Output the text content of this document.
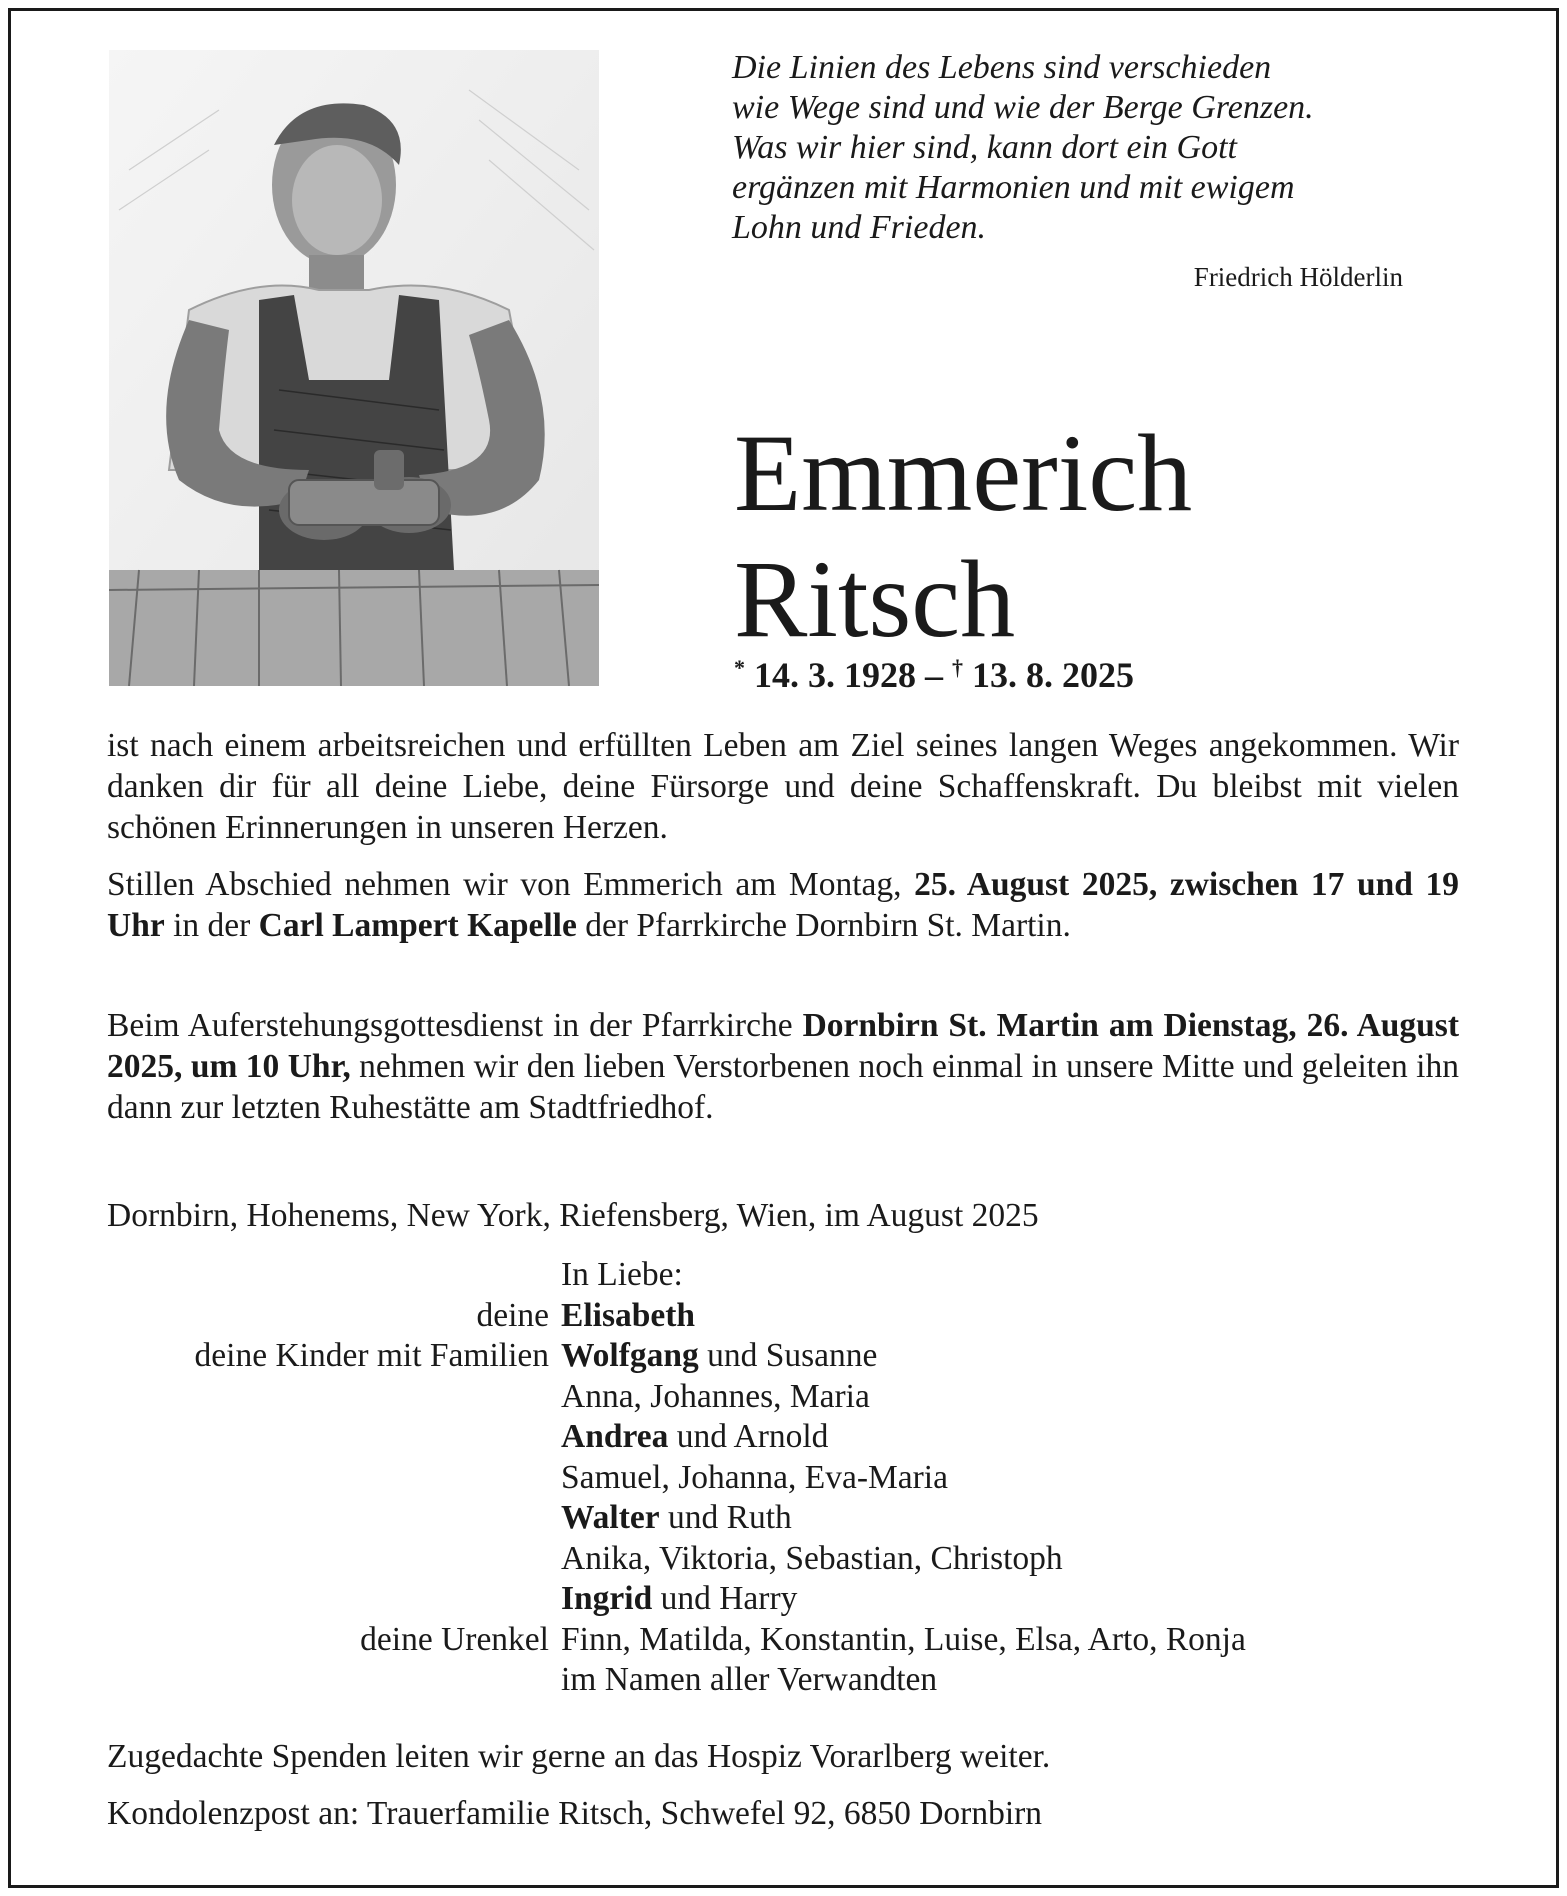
Die Linien des Lebens sind verschieden
wie Wege sind und wie der Berge Grenzen.
Was wir hier sind, kann dort ein Gott
ergänzen mit Harmonien und mit ewigem
Lohn und Frieden.
Friedrich Hölderlin
Emmerich
Ritsch
* 14. 3. 1928 – † 13. 8. 2025
ist nach einem arbeitsreichen und erfüllten Leben am Ziel seines langen Weges angekommen. Wir danken dir für all deine Liebe, deine Fürsorge und deine Schaffenskraft. Du bleibst mit vielen schönen Erinnerungen in unseren Herzen.
Stillen Abschied nehmen wir von Emmerich am Montag, 25. August 2025, zwischen 17 und 19 Uhr in der Carl Lampert Kapelle der Pfarrkirche Dornbirn St. Martin.
Beim Auferstehungsgottesdienst in der Pfarrkirche Dornbirn St. Martin am Dienstag, 26. August 2025, um 10 Uhr, nehmen wir den lieben Verstorbenen noch einmal in unsere Mitte und geleiten ihn dann zur letzten Ruhestätte am Stadtfriedhof.
Dornbirn, Hohenems, New York, Riefensberg, Wien, im August 2025
In Liebe:
deine Elisabeth
deine Kinder mit Familien Wolfgang und Susanne
Anna, Johannes, Maria
Andrea und Arnold
Samuel, Johanna, Eva-Maria
Walter und Ruth
Anika, Viktoria, Sebastian, Christoph
Ingrid und Harry
deine Urenkel Finn, Matilda, Konstantin, Luise, Elsa, Arto, Ronja
im Namen aller Verwandten
Zugedachte Spenden leiten wir gerne an das Hospiz Vorarlberg weiter.
Kondolenzpost an: Trauerfamilie Ritsch, Schwefel 92, 6850 Dornbirn
